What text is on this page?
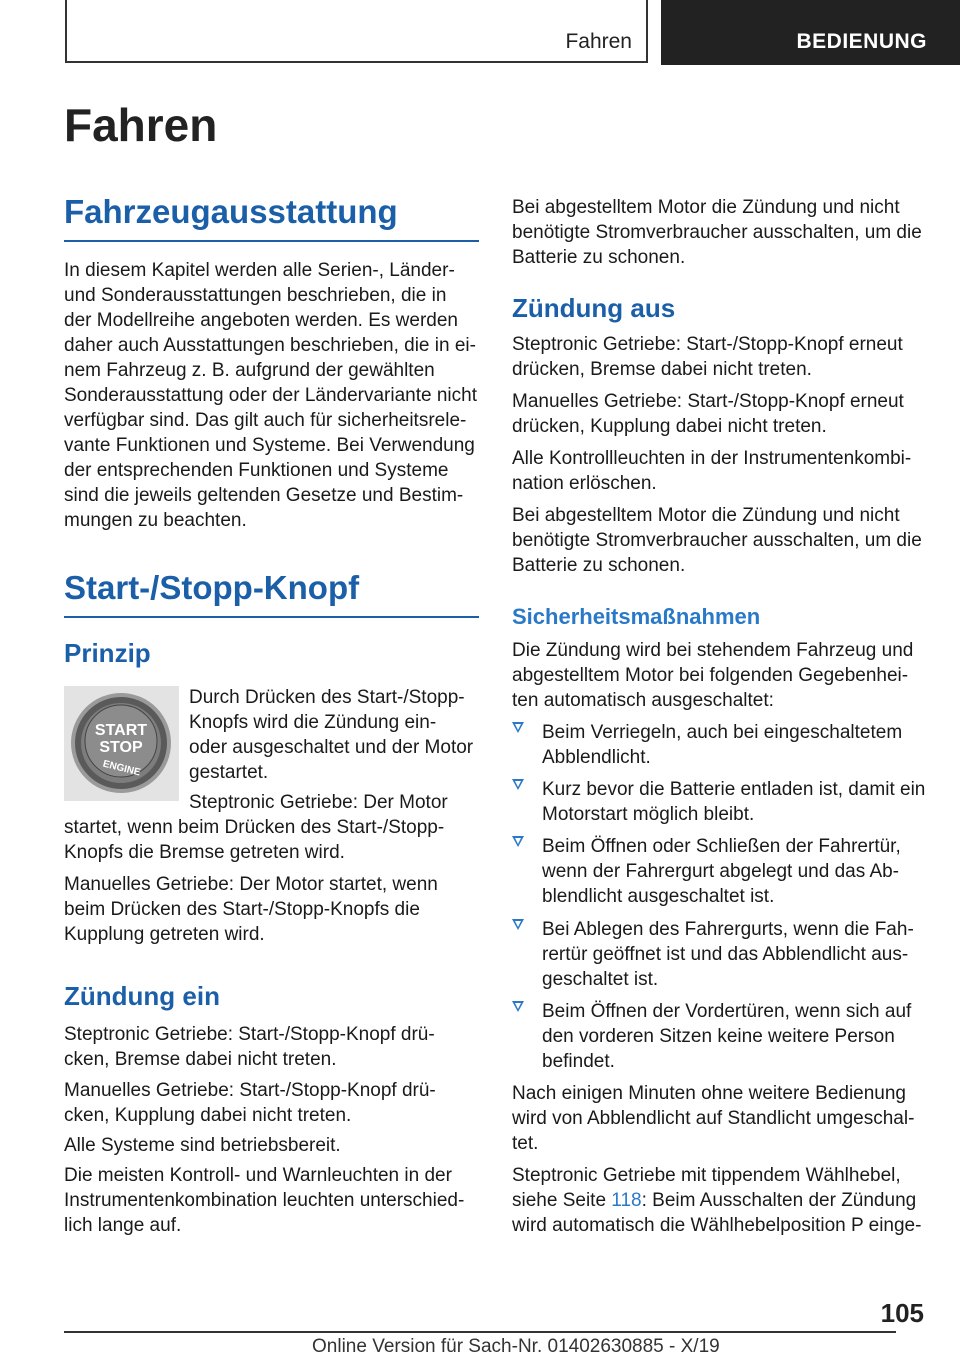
Fahren	BEDIENUNG
Fahren
Fahrzeugausstattung

In diesem Kapitel werden alle Serien-, Länder- und Sonderausstattungen beschrieben, die in der Modellreihe angeboten werden. Es werden daher auch Ausstattungen beschrieben, die in ei-nem Fahrzeug z. B. aufgrund der gewählten Sonderausstattung oder der Ländervariante nicht verfügbar sind. Das gilt auch für sicherheitsrele-vante Funktionen und Systeme. Bei Verwendung der entsprechenden Funktionen und Systeme sind die jeweils geltenden Gesetze und Bestim-mungen zu beachten.

Start-/Stopp-Knopf
Prinzip
START
STOP
ENGINE

Durch Drücken des Start-/Stopp-Knopfs wird die Zündung ein- oder ausgeschaltet und der Motor gestartet.

Steptronic Getriebe: Der Motor startet, wenn beim Drücken des Start-/Stopp-Knopfs die Bremse getreten wird.

Manuelles Getriebe: Der Motor startet, wenn beim Drücken des Start-/Stopp-Knopfs die Kupplung getreten wird.

Zündung ein

Steptronic Getriebe: Start-/Stopp-Knopf drü-cken, Bremse dabei nicht treten.

Manuelles Getriebe: Start-/Stopp-Knopf drü-cken, Kupplung dabei nicht treten.

Alle Systeme sind betriebsbereit.

Die meisten Kontroll- und Warnleuchten in der Instrumentenkombination leuchten unterschied-lich lange auf.

Bei abgestelltem Motor die Zündung und nicht benötigte Stromverbraucher ausschalten, um die Batterie zu schonen.

Zündung aus

Steptronic Getriebe: Start-/Stopp-Knopf erneut drücken, Bremse dabei nicht treten.

Manuelles Getriebe: Start-/Stopp-Knopf erneut drücken, Kupplung dabei nicht treten.

Alle Kontrollleuchten in der Instrumentenkombi-nation erlöschen.

Bei abgestelltem Motor die Zündung und nicht benötigte Stromverbraucher ausschalten, um die Batterie zu schonen.

Sicherheitsmaßnahmen

Die Zündung wird bei stehendem Fahrzeug und abgestelltem Motor bei folgenden Gegebenhei-ten automatisch ausgeschaltet:

Beim Verriegeln, auch bei eingeschaltetem Abblendlicht.

Kurz bevor die Batterie entladen ist, damit ein Motorstart möglich bleibt.

Beim Öffnen oder Schließen der Fahrertür, wenn der Fahrergurt abgelegt und das Ab-blendlicht ausgeschaltet ist.

Bei Ablegen des Fahrergurts, wenn die Fah-rertür geöffnet ist und das Abblendlicht aus-geschaltet ist.

Beim Öffnen der Vordertüren, wenn sich auf den vorderen Sitzen keine weitere Person befindet.

Nach einigen Minuten ohne weitere Bedienung wird von Abblendlicht auf Standlicht umgeschal-tet.

Steptronic Getriebe mit tippendem Wählhebel, siehe Seite 118: Beim Ausschalten der Zündung wird automatisch die Wählhebelposition P einge-

105
Online Version für Sach-Nr. 01402630885 - X/19
